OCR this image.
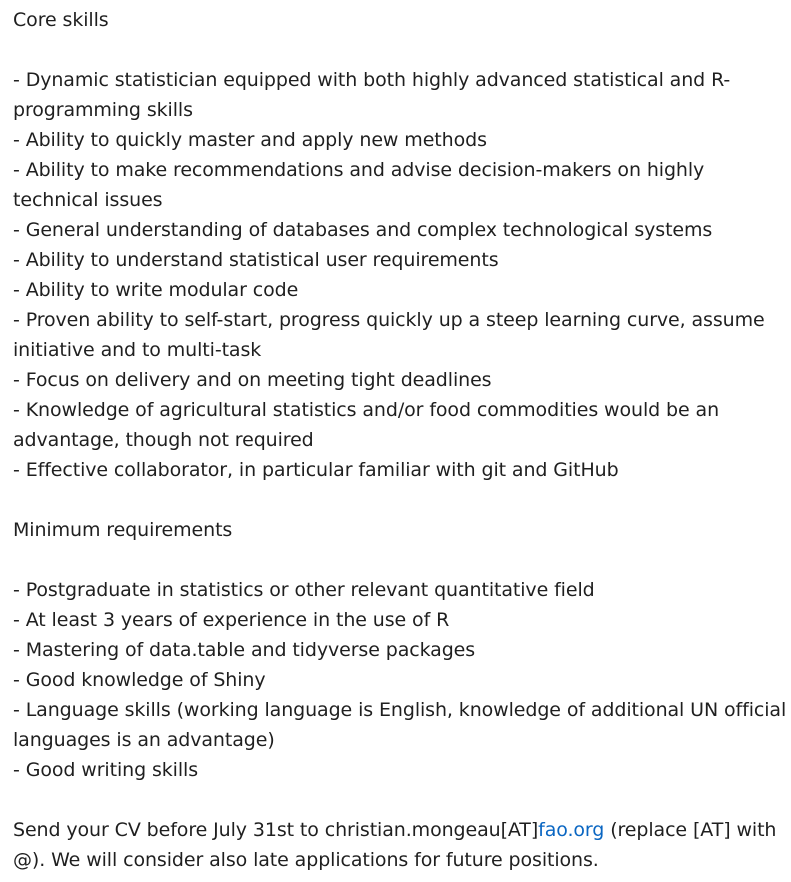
Core skills
- Dynamic statistician equipped with both highly advanced statistical and R-
programming skills
- Ability to quickly master and apply new methods
- Ability to make recommendations and advise decision-makers on highly
technical issues
- General understanding of databases and complex technological systems
- Ability to understand statistical user requirements
- Ability to write modular code
- Proven ability to self-start, progress quickly up a steep learning curve, assume
initiative and to multi-task
- Focus on delivery and on meeting tight deadlines
- Knowledge of agricultural statistics and/or food commodities would be an
advantage, though not required
- Effective collaborator, in particular familiar with git and GitHub
Minimum requirements
- Postgraduate in statistics or other relevant quantitative field
- At least 3 years of experience in the use of R
- Mastering of data.table and tidyverse packages
- Good knowledge of Shiny
- Language skills (working language is English, knowledge of additional UN official
languages is an advantage)
- Good writing skills
Send your CV before July 31st to christian.mongeau[AT]fao.org (replace [AT] with
@). We will consider also late applications for future positions.
